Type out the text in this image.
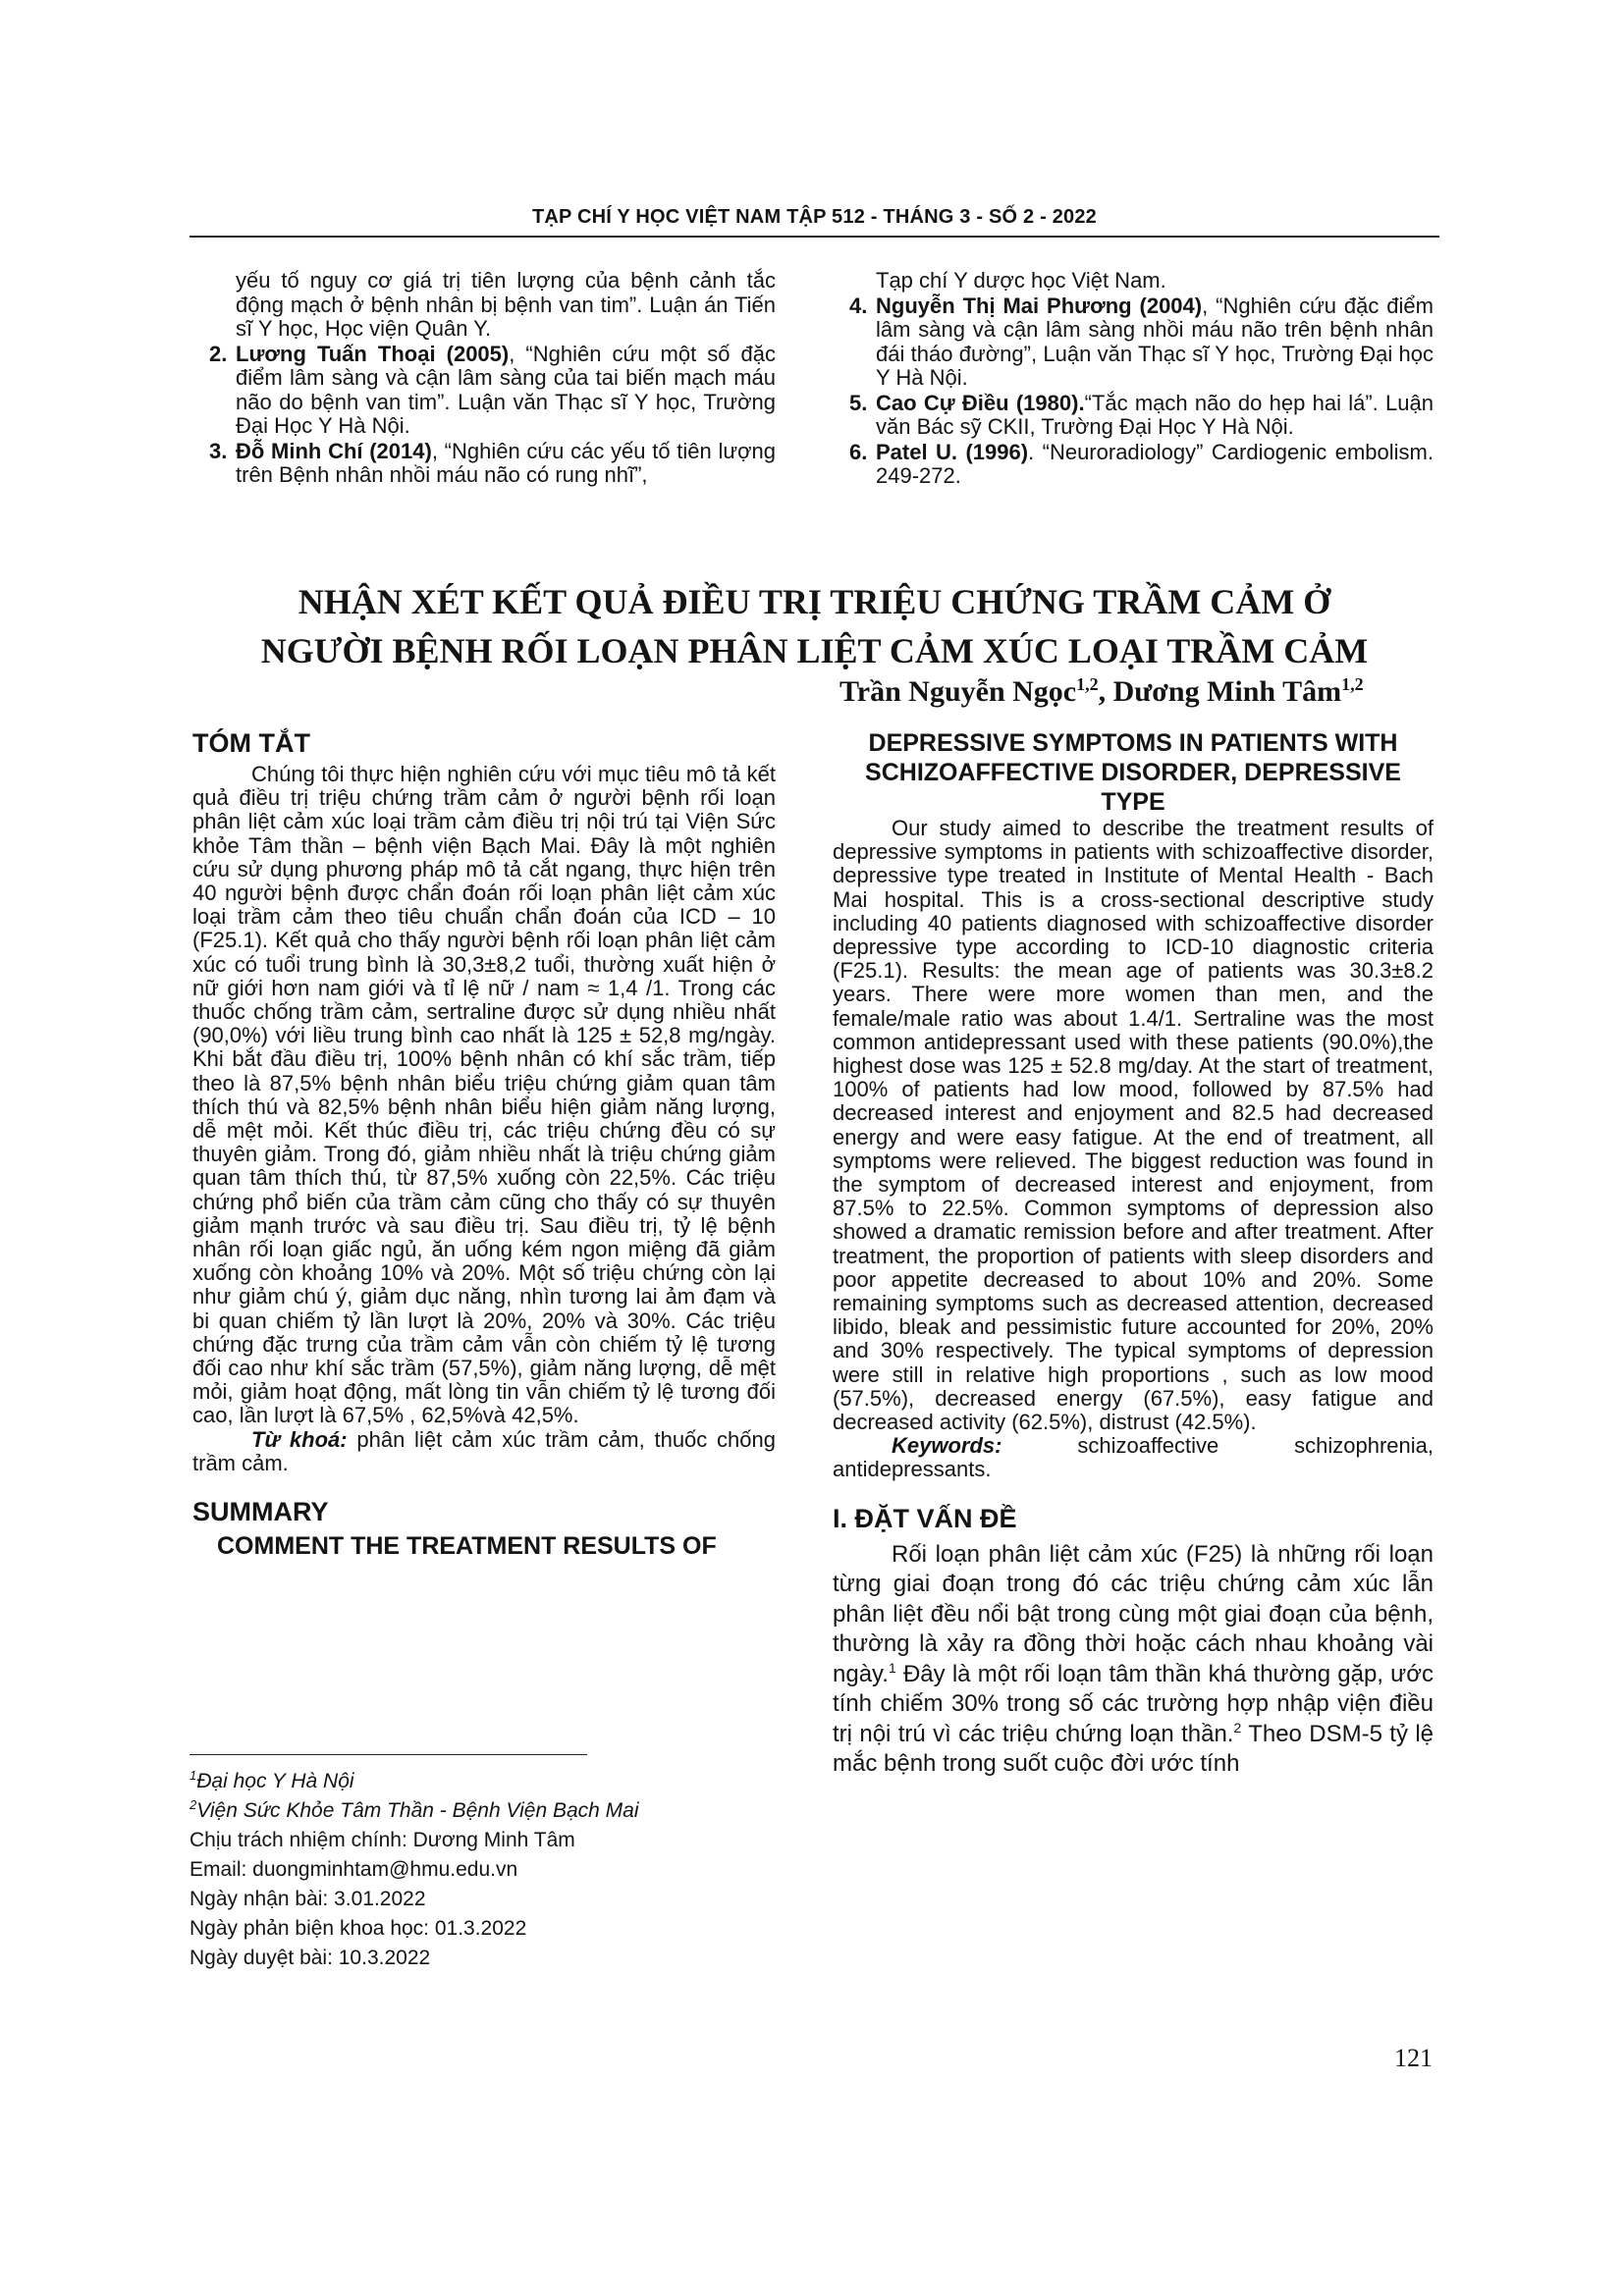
TẠP CHÍ Y HỌC VIỆT NAM TẬP 512 - THÁNG 3 - SỐ 2 - 2022
yếu tố nguy cơ giá trị tiên lượng của bệnh cảnh tắc động mạch ở bệnh nhân bị bệnh van tim”. Luận án Tiến sĩ Y học, Học viện Quân Y.
2. Lương Tuấn Thoại (2005), “Nghiên cứu một số đặc điểm lâm sàng và cận lâm sàng của tai biến mạch máu não do bệnh van tim”. Luận văn Thạc sĩ Y học, Trường Đại Học Y Hà Nội.
3. Đỗ Minh Chí (2014), “Nghiên cứu các yếu tố tiên lượng trên Bệnh nhân nhồi máu não có rung nhĩ”,
Tạp chí Y dược học Việt Nam.
4. Nguyễn Thị Mai Phương (2004), “Nghiên cứu đặc điểm lâm sàng và cận lâm sàng nhồi máu não trên bệnh nhân đái tháo đường”, Luận văn Thạc sĩ Y học, Trường Đại học Y Hà Nội.
5. Cao Cự Điều (1980).“Tắc mạch não do hẹp hai lá”. Luận văn Bác sỹ CKII, Trường Đại Học Y Hà Nội.
6. Patel U. (1996). “Neuroradiology” Cardiogenic embolism. 249-272.
NHẬN XÉT KẾT QUẢ ĐIỀU TRỊ TRIỆU CHỨNG TRẦM CẢM Ở
NGƯỜI BỆNH RỐI LOẠN PHÂN LIỆT CẢM XÚC LOẠI TRẦM CẢM
Trần Nguyễn Ngọc$^{1,2}$, Dương Minh Tâm$^{1,2}$
TÓM TẮT

Chúng tôi thực hiện nghiên cứu với mục tiêu mô tả kết quả điều trị triệu chứng trầm cảm ở người bệnh rối loạn phân liệt cảm xúc loại trầm cảm điều trị nội trú tại Viện Sức khỏe Tâm thần – bệnh viện Bạch Mai. Đây là một nghiên cứu sử dụng phương pháp mô tả cắt ngang, thực hiện trên 40 người bệnh được chẩn đoán rối loạn phân liệt cảm xúc loại trầm cảm theo tiêu chuẩn chẩn đoán của ICD – 10 (F25.1). Kết quả cho thấy người bệnh rối loạn phân liệt cảm xúc có tuổi trung bình là 30,3±8,2 tuổi, thường xuất hiện ở nữ giới hơn nam giới và tỉ lệ nữ / nam ≈ 1,4 /1. Trong các thuốc chống trầm cảm, sertraline được sử dụng nhiều nhất (90,0%) với liều trung bình cao nhất là 125 ± 52,8 mg/ngày. Khi bắt đầu điều trị, 100% bệnh nhân có khí sắc trầm, tiếp theo là 87,5% bệnh nhân biểu triệu chứng giảm quan tâm thích thú và 82,5% bệnh nhân biểu hiện giảm năng lượng, dễ mệt mỏi. Kết thúc điều trị, các triệu chứng đều có sự thuyên giảm. Trong đó, giảm nhiều nhất là triệu chứng giảm quan tâm thích thú, từ 87,5% xuống còn 22,5%. Các triệu chứng phổ biến của trầm cảm cũng cho thấy có sự thuyên giảm mạnh trước và sau điều trị. Sau điều trị, tỷ lệ bệnh nhân rối loạn giấc ngủ, ăn uống kém ngon miệng đã giảm xuống còn khoảng 10% và 20%. Một số triệu chứng còn lại như giảm chú ý, giảm dục năng, nhìn tương lai ảm đạm và bi quan chiếm tỷ lần lượt là 20%, 20% và 30%. Các triệu chứng đặc trưng của trầm cảm vẫn còn chiếm tỷ lệ tương đối cao như khí sắc trầm (57,5%), giảm năng lượng, dễ mệt mỏi, giảm hoạt động, mất lòng tin vẫn chiếm tỷ lệ tương đối cao, lần lượt là 67,5% , 62,5%và 42,5%.

Từ khoá: phân liệt cảm xúc trầm cảm, thuốc chống trầm cảm.

SUMMARY
COMMENT THE TREATMENT RESULTS OF
$^1$Đại học Y Hà Nội
$^2$Viện Sức Khỏe Tâm Thần - Bệnh Viện Bạch Mai
Chịu trách nhiệm chính: Dương Minh Tâm
Email: duongminhtam@hmu.edu.vn
Ngày nhận bài: 3.01.2022
Ngày phản biện khoa học: 01.3.2022
Ngày duyệt bài: 10.3.2022
DEPRESSIVE SYMPTOMS IN PATIENTS WITH SCHIZOAFFECTIVE DISORDER, DEPRESSIVE TYPE

Our study aimed to describe the treatment results of depressive symptoms in patients with schizoaffective disorder, depressive type treated in Institute of Mental Health - Bach Mai hospital. This is a cross-sectional descriptive study including 40 patients diagnosed with schizoaffective disorder depressive type according to ICD-10 diagnostic criteria (F25.1). Results: the mean age of patients was 30.3±8.2 years. There were more women than men, and the female/male ratio was about 1.4/1. Sertraline was the most common antidepressant used with these patients (90.0%),the highest dose was 125 ± 52.8 mg/day. At the start of treatment, 100% of patients had low mood, followed by 87.5% had decreased interest and enjoyment and 82.5 had decreased energy and were easy fatigue. At the end of treatment, all symptoms were relieved. The biggest reduction was found in the symptom of decreased interest and enjoyment, from 87.5% to 22.5%. Common symptoms of depression also showed a dramatic remission before and after treatment. After treatment, the proportion of patients with sleep disorders and poor appetite decreased to about 10% and 20%. Some remaining symptoms such as decreased attention, decreased libido, bleak and pessimistic future accounted for 20%, 20% and 30% respectively. The typical symptoms of depression were still in relative high proportions , such as low mood (57.5%), decreased energy (67.5%), easy fatigue and decreased activity (62.5%), distrust (42.5%).

Keywords: schizoaffective schizophrenia, antidepressants.

I. ĐẶT VẤN ĐỀ

Rối loạn phân liệt cảm xúc (F25) là những rối loạn từng giai đoạn trong đó các triệu chứng cảm xúc lẫn phân liệt đều nổi bật trong cùng một giai đoạn của bệnh, thường là xảy ra đồng thời hoặc cách nhau khoảng vài ngày.$^1$ Đây là một rối loạn tâm thần khá thường gặp, ước tính chiếm 30% trong số các trường hợp nhập viện điều trị nội trú vì các triệu chứng loạn thần.$^2$ Theo DSM-5 tỷ lệ mắc bệnh trong suốt cuộc đời ước tính

121
